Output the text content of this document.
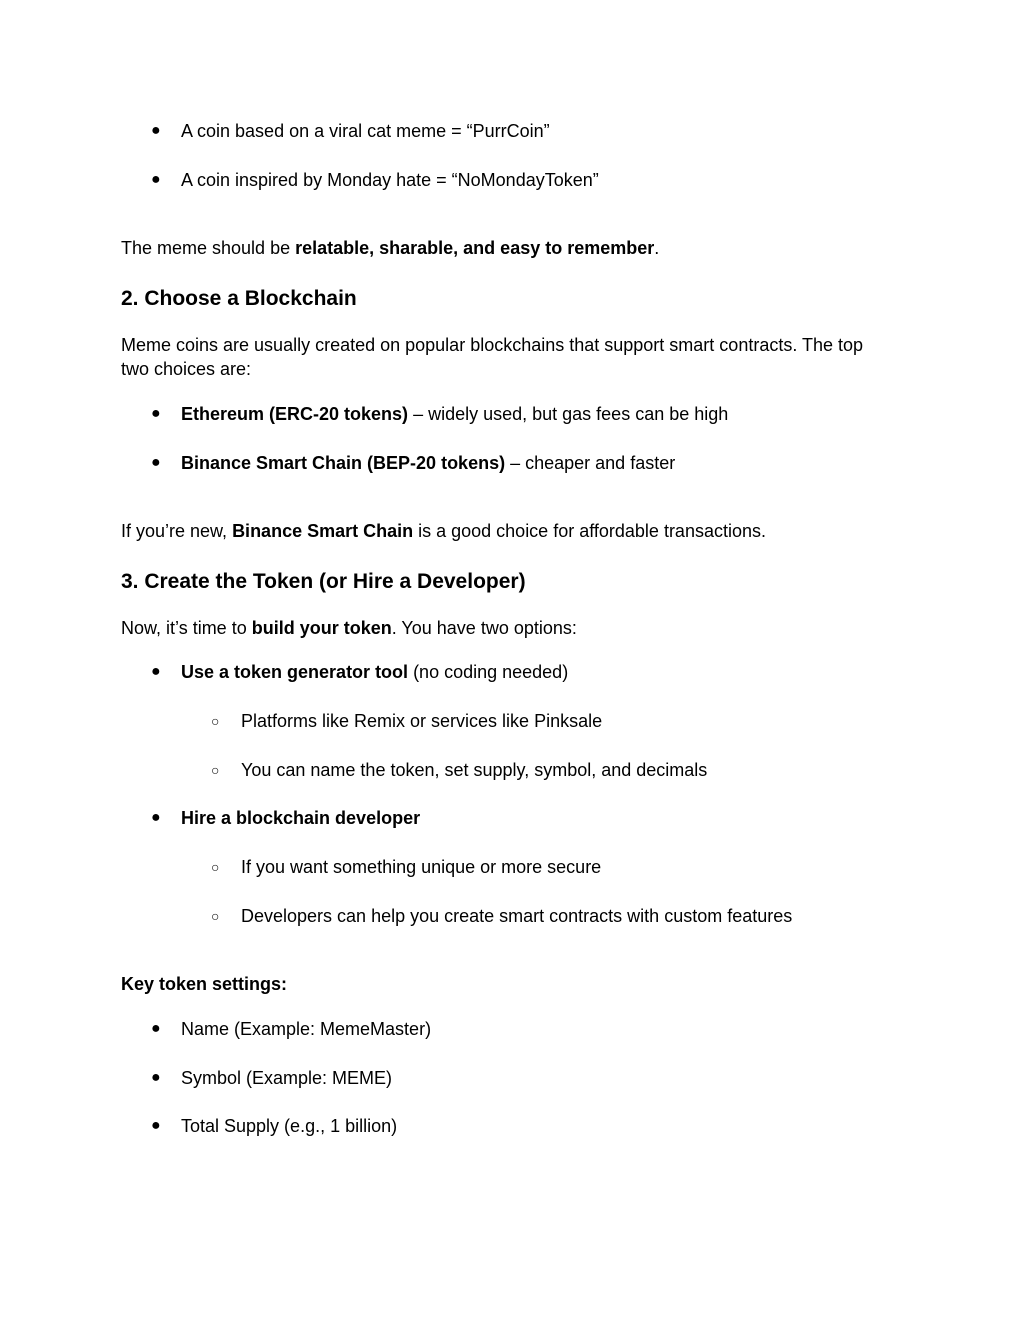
● A coin based on a viral cat meme = “PurrCoin”
● A coin inspired by Monday hate = “NoMondayToken”
The meme should be relatable, sharable, and easy to remember.
2. Choose a Blockchain
Meme coins are usually created on popular blockchains that support smart contracts. The top
two choices are:
● Ethereum (ERC-20 tokens) – widely used, but gas fees can be high
● Binance Smart Chain (BEP-20 tokens) – cheaper and faster
If you’re new, Binance Smart Chain is a good choice for affordable transactions.
3. Create the Token (or Hire a Developer)
Now, it’s time to build your token. You have two options:
● Use a token generator tool (no coding needed)
○ Platforms like Remix or services like Pinksale
○ You can name the token, set supply, symbol, and decimals
● Hire a blockchain developer
○ If you want something unique or more secure
○ Developers can help you create smart contracts with custom features
Key token settings:
● Name (Example: MemeMaster)
● Symbol (Example: MEME)
● Total Supply (e.g., 1 billion)
